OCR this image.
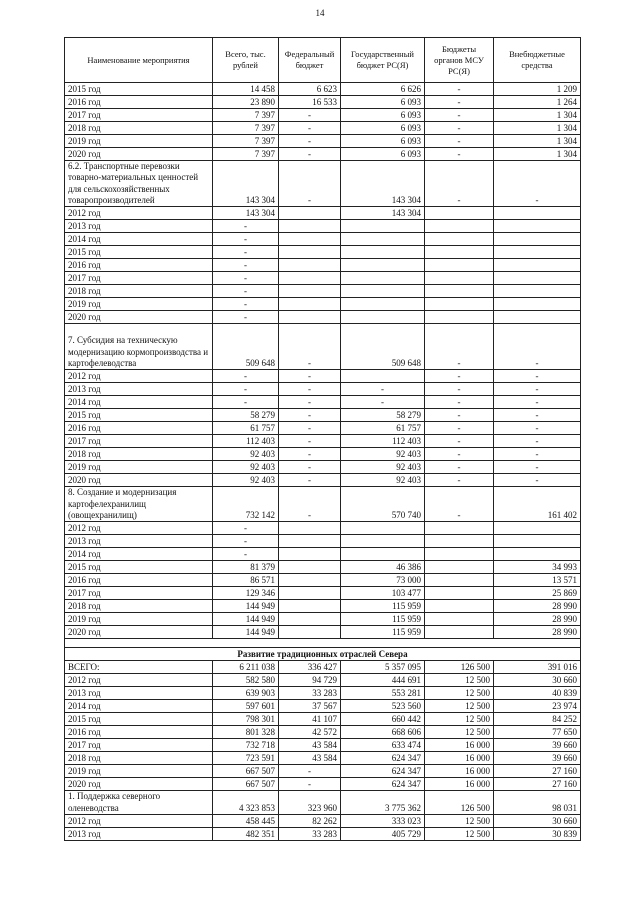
14
Наименование мероприятия	Всего, тыс. рублей	Федеральный бюджет	Государственный бюджет РС(Я)	Бюджеты органов МСУ РС(Я)	Внебюджетные средства
2015 год	14 458	6 623	6 626	-	1 209
2016 год	23 890	16 533	6 093	-	1 264
2017 год	7 397	-	6 093	-	1 304
2018 год	7 397	-	6 093	-	1 304
2019 год	7 397	-	6 093	-	1 304
2020 год	7 397	-	6 093	-	1 304
6.2. Транспортные перевозки товарно-материальных ценностей для сельскохозяйственных товаропроизводителей	143 304	-	143 304	-	-
2012 год	143 304		143 304		
2013 год	-				
2014 год	-				
2015 год	-				
2016 год	-				
2017 год	-				
2018 год	-				
2019 год	-				
2020 год	-				
7. Субсидия на техническую модернизацию кормопроизводства и картофелеводства	509 648	-	509 648	-	-
2012 год	-	-		-	-
2013 год	-	-	-	-	-
2014 год	-	-	-	-	-
2015 год	58 279	-	58 279	-	-
2016 год	61 757	-	61 757	-	-
2017 год	112 403	-	112 403	-	-
2018 год	92 403	-	92 403	-	-
2019 год	92 403	-	92 403	-	-
2020 год	92 403	-	92 403	-	-
8. Создание и модернизация картофелехранилищ (овощехранилищ)	732 142	-	570 740	-	161 402
2012 год	-				
2013 год	-				
2014 год	-				
2015 год	81 379		46 386		34 993
2016 год	86 571		73 000		13 571
2017 год	129 346		103 477		25 869
2018 год	144 949		115 959		28 990
2019 год	144 949		115 959		28 990
2020 год	144 949		115 959		28 990

Развитие традиционных отраслей Севера					
ВСЕГО:	6 211 038	336 427	5 357 095	126 500	391 016
2012 год	582 580	94 729	444 691	12 500	30 660
2013 год	639 903	33 283	553 281	12 500	40 839
2014 год	597 601	37 567	523 560	12 500	23 974
2015 год	798 301	41 107	660 442	12 500	84 252
2016 год	801 328	42 572	668 606	12 500	77 650
2017 год	732 718	43 584	633 474	16 000	39 660
2018 год	723 591	43 584	624 347	16 000	39 660
2019 год	667 507	-	624 347	16 000	27 160
2020 год	667 507	-	624 347	16 000	27 160
1. Поддержка северного оленеводства	4 323 853	323 960	3 775 362	126 500	98 031
2012 год	458 445	82 262	333 023	12 500	30 660
2013 год	482 351	33 283	405 729	12 500	30 839
